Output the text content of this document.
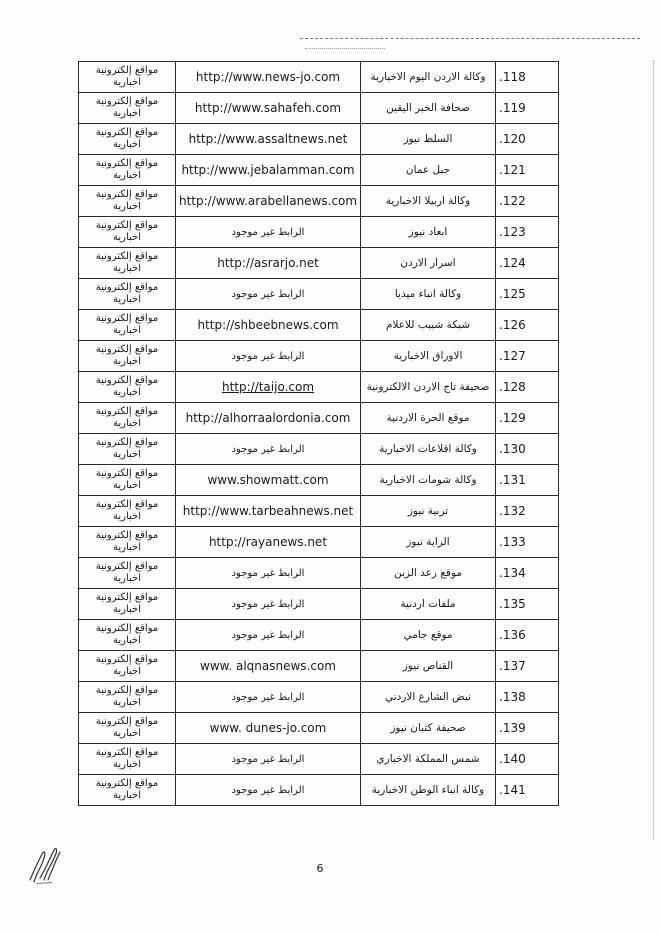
مواقع إلكترونية اخبارية	http://www.news-jo.com	وكالة الاردن اليوم الاخبارية	.118
مواقع إلكترونية اخبارية	http://www.sahafeh.com	صحافة الخبر اليقين	.119
مواقع إلكترونية اخبارية	http://www.assaltnews.net	السلط نيوز	.120
مواقع إلكترونية اخبارية	http://www.jebalamman.com	جبل عمان	.121
مواقع إلكترونية اخبارية	http://www.arabellanews.com	وكالة اربيلا الاخبارية	.122
مواقع إلكترونية اخبارية	الرابط غير موجود	ابعاد نيوز	.123
مواقع إلكترونية اخبارية	http://asrarjo.net	اسرار الاردن	.124
مواقع إلكترونية اخبارية	الرابط غير موجود	وكالة انباء ميديا	.125
مواقع إلكترونية اخبارية	http://shbeebnews.com	شبكة شبيب للاعلام	.126
مواقع إلكترونية اخبارية	الرابط غير موجود	الاوراق الاخبارية	.127
مواقع إلكترونية اخبارية	http://taijo.com	صحيفة تاج الاردن الالكترونية	.128
مواقع إلكترونية اخبارية	http://alhorraalordonia.com	موقع الحرة الاردنية	.129
مواقع إلكترونية اخبارية	الرابط غير موجود	وكالة اقلاعات الاخبارية	.130
مواقع إلكترونية اخبارية	www.showmatt.com	وكالة شومات الاخبارية	.131
مواقع إلكترونية اخبارية	http://www.tarbeahnews.net	تربية نيوز	.132
مواقع إلكترونية اخبارية	http://rayanews.net	الراية نيوز	.133
مواقع إلكترونية اخبارية	الرابط غير موجود	موقع رعد الزبن	.134
مواقع إلكترونية اخبارية	الرابط غير موجود	ملفات اردنية	.135
مواقع إلكترونية اخبارية	الرابط غير موجود	موقع جامي	.136
مواقع إلكترونية اخبارية	www. alqnasnews.com	القناص نيوز	.137
مواقع إلكترونية اخبارية	الرابط غير موجود	نبض الشارع الاردني	.138
مواقع إلكترونية اخبارية	www. dunes-jo.com	صحيفة كثبان نيوز	.139
مواقع إلكترونية اخبارية	الرابط غير موجود	شمس المملكة الاخباري	.140
مواقع إلكترونية اخبارية	الرابط غير موجود	وكالة انباء الوطن الاخبارية	.141
6
